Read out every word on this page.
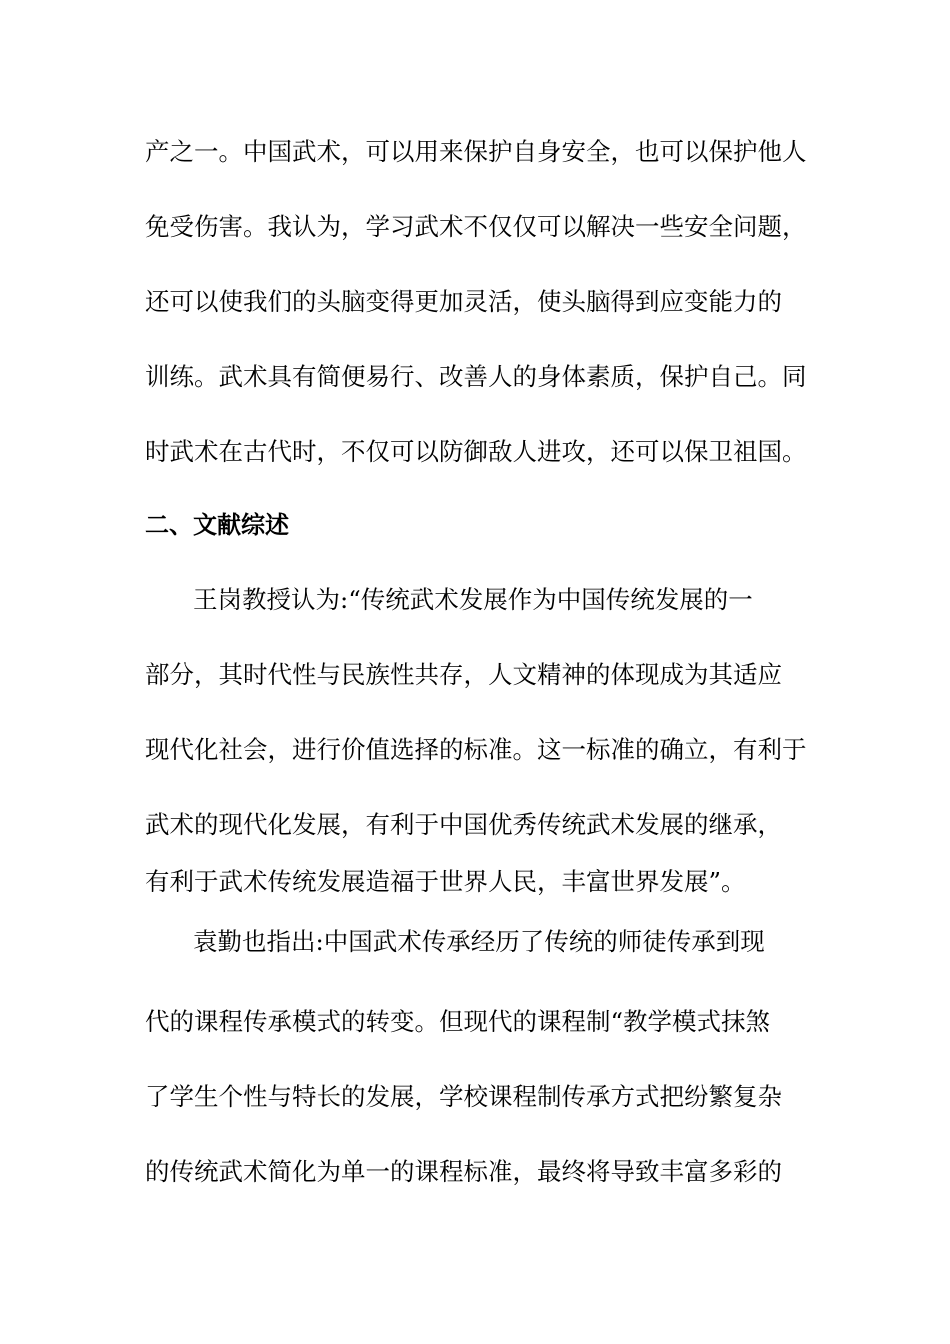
产之一。中国武术，可以用来保护自身安全，也可以保护他人
免受伤害。我认为，学习武术不仅仅可以解决一些安全问题，
还可以使我们的头脑变得更加灵活，使头脑得到应变能力的
训练。武术具有简便易行、改善人的身体素质，保护自己。同
时武术在古代时，不仅可以防御敌人进攻，还可以保卫祖国。
二、文献综述
王岗教授认为:“传统武术发展作为中国传统发展的一
部分，其时代性与民族性共存，人文精神的体现成为其适应
现代化社会，进行价值选择的标准。这一标准的确立，有利于
武术的现代化发展，有利于中国优秀传统武术发展的继承，
有利于武术传统发展造福于世界人民，丰富世界发展”。
袁勤也指出:中国武术传承经历了传统的师徒传承到现
代的课程传承模式的转变。但现代的课程制“教学模式抹煞
了学生个性与特长的发展，学校课程制传承方式把纷繁复杂
的传统武术简化为单一的课程标准，最终将导致丰富多彩的
